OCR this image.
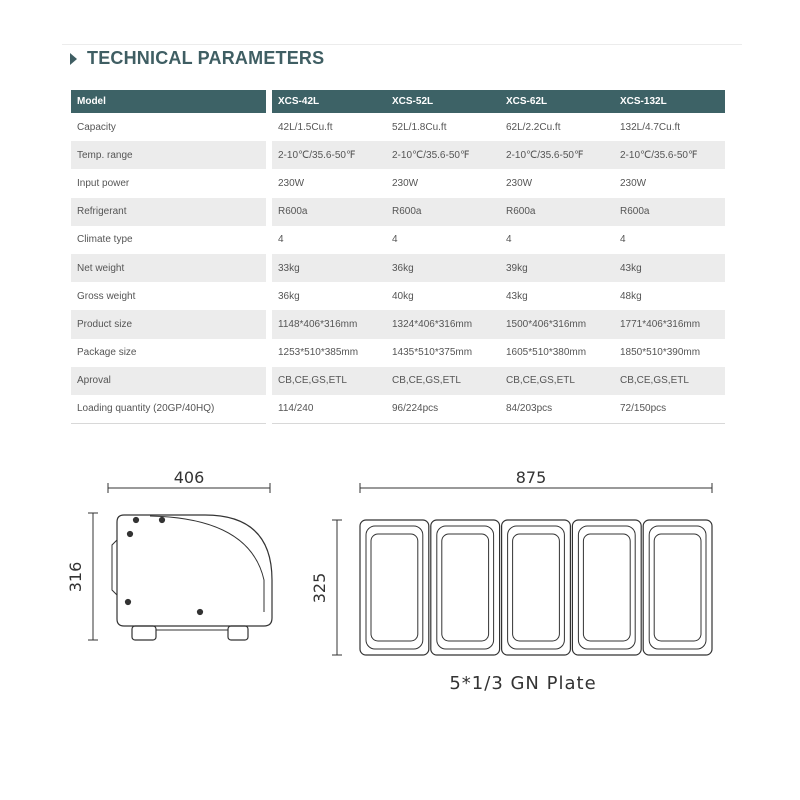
TECHNICAL PARAMETERS
Model		XCS-42L	XCS-52L	XCS-62L	XCS-132L
Capacity		42L/1.5Cu.ft	52L/1.8Cu.ft	62L/2.2Cu.ft	132L/4.7Cu.ft
Temp. range		2-10℃/35.6-50℉	2-10℃/35.6-50℉	2-10℃/35.6-50℉	2-10℃/35.6-50℉
Input power		230W	230W	230W	230W
Refrigerant		R600a	R600a	R600a	R600a
Climate type		4	4	4	4
Net weight		33kg	36kg	39kg	43kg
Gross weight		36kg	40kg	43kg	48kg
Product size		1148*406*316mm	1324*406*316mm	1500*406*316mm	1771*406*316mm
Package size		1253*510*385mm	1435*510*375mm	1605*510*380mm	1850*510*390mm
Aproval		CB,CE,GS,ETL	CB,CE,GS,ETL	CB,CE,GS,ETL	CB,CE,GS,ETL
Loading quantity (20GP/40HQ)		114/240	96/224pcs	84/203pcs	72/150pcs
406
316
875
325
5*1/3 GN Plate
